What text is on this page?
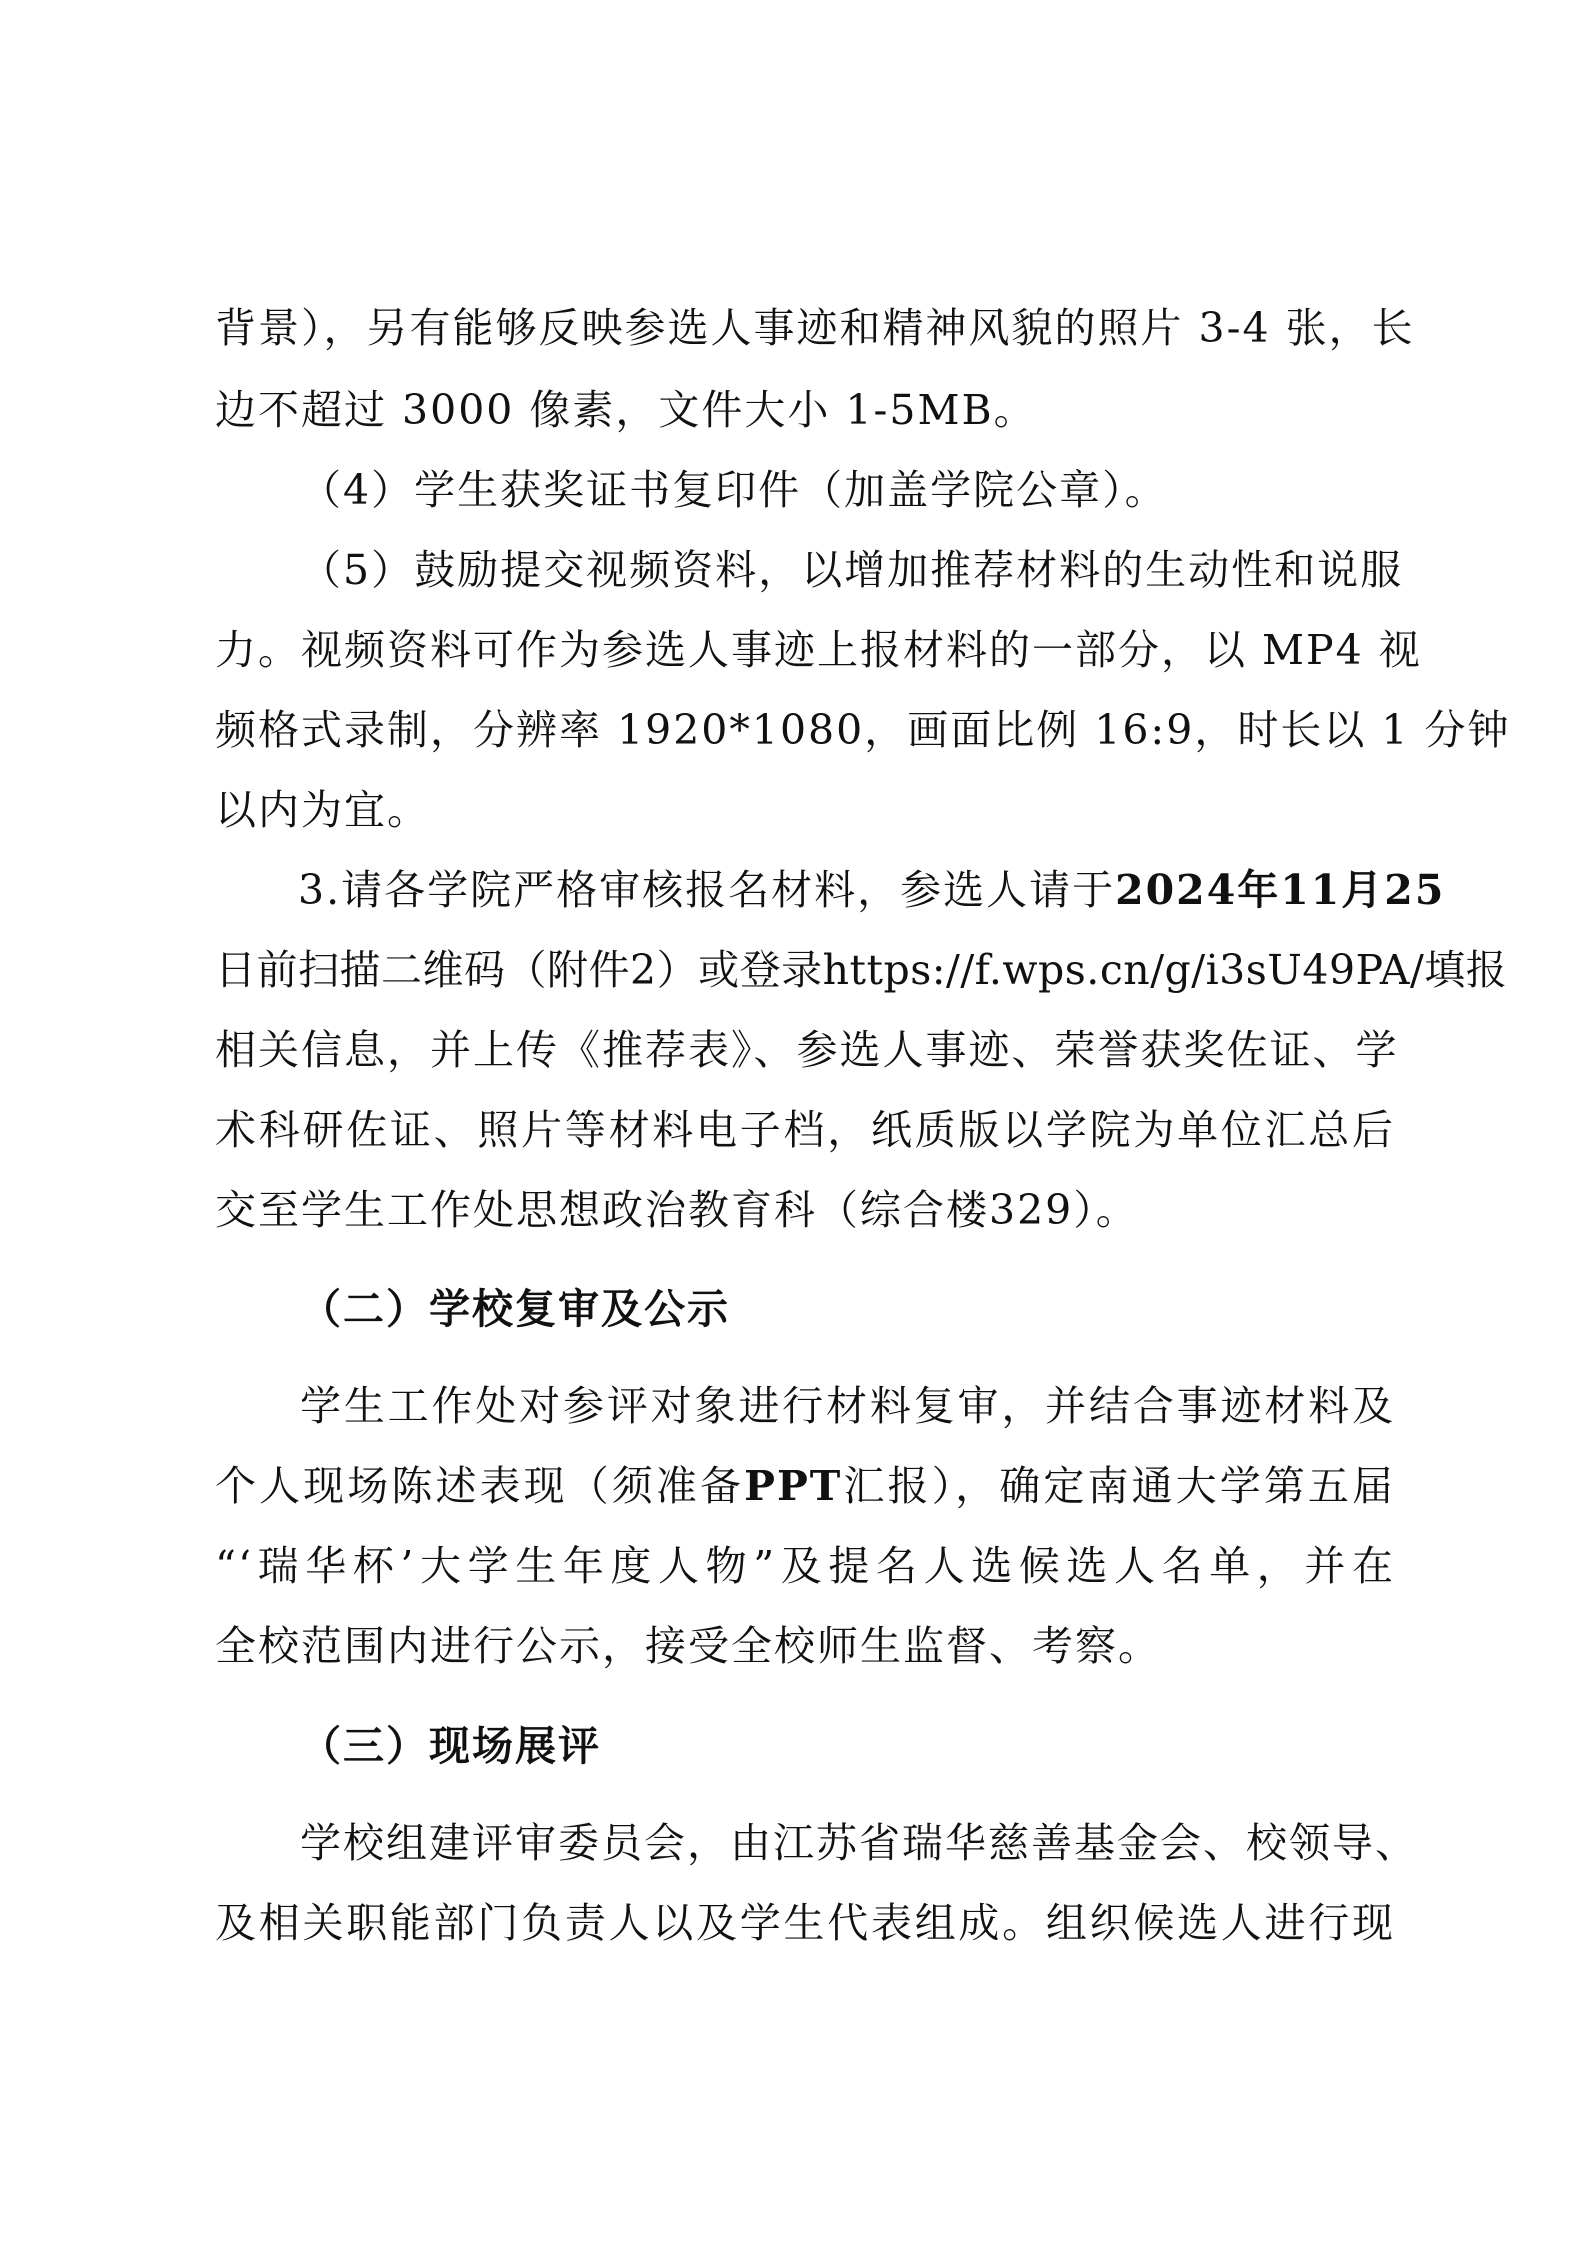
背景），另有能够反映参选人事迹和精神风貌的照片 3-4 张，长
边不超过 3000 像素，文件大小 1-5MB。
（4）学生获奖证书复印件（加盖学院公章）。
（5）鼓励提交视频资料，以增加推荐材料的生动性和说服
力。视频资料可作为参选人事迹上报材料的一部分，以 MP4 视
频格式录制，分辨率 1920*1080，画面比例 16:9，时长以 1 分钟
以内为宜。
3.请各学院严格审核报名材料，参选人请于2024年11月25
日前扫描二维码（附件2）或登录https://f.wps.cn/g/i3sU49PA/填报
相关信息，并上传《推荐表》、参选人事迹、荣誉获奖佐证、学
术科研佐证、照片等材料电子档，纸质版以学院为单位汇总后
交至学生工作处思想政治教育科（综合楼329）。
（二）学校复审及公示
学生工作处对参评对象进行材料复审，并结合事迹材料及
个人现场陈述表现（须准备PPT汇报），确定南通大学第五届
“‘瑞华杯’大学生年度人物”及提名人选候选人名单，并在
全校范围内进行公示，接受全校师生监督、考察。
（三）现场展评
学校组建评审委员会，由江苏省瑞华慈善基金会、校领导、
及相关职能部门负责人以及学生代表组成。组织候选人进行现
